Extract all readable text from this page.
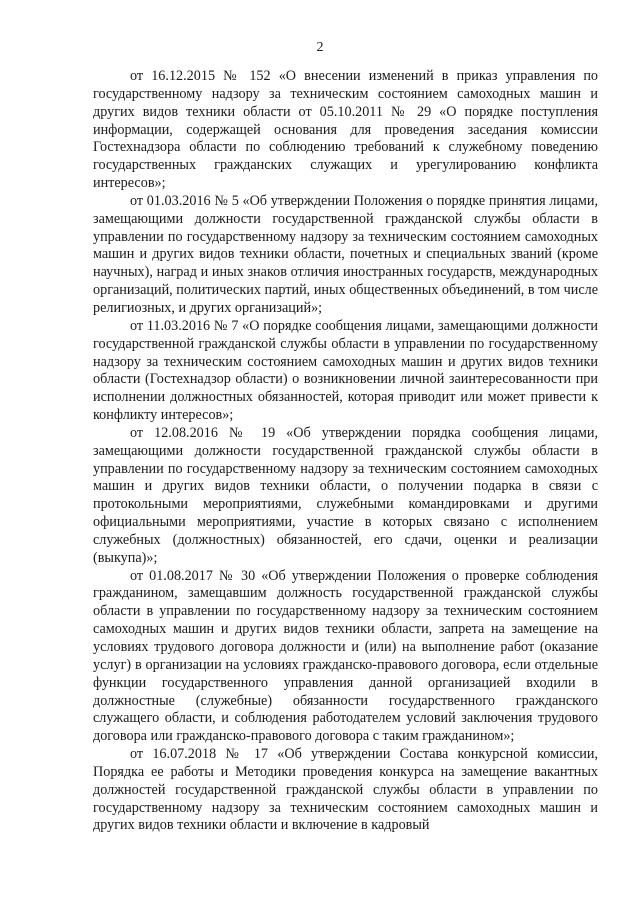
2

от 16.12.2015 № 152 «О внесении изменений в приказ управления по государственному надзору за техническим состоянием самоходных машин и других видов техники области от 05.10.2011 № 29 «О порядке поступления информации, содержащей основания для проведения заседания комиссии Гостехнадзора области по соблюдению требований к служебному поведению государственных гражданских служащих и урегулированию конфликта интересов»;

от 01.03.2016 № 5 «Об утверждении Положения о порядке принятия лицами, замещающими должности государственной гражданской службы области в управлении по государственному надзору за техническим состоянием самоходных машин и других видов техники области, почетных и специальных званий (кроме научных), наград и иных знаков отличия иностранных государств, международных организаций, политических партий, иных общественных объединений, в том числе религиозных, и других организаций»;

от 11.03.2016 № 7 «О порядке сообщения лицами, замещающими должности государственной гражданской службы области в управлении по государственному надзору за техническим состоянием самоходных машин и других видов техники области (Гостехнадзор области) о возникновении личной заинтересованности при исполнении должностных обязанностей, которая приводит или может привести к конфликту интересов»;

от 12.08.2016 № 19 «Об утверждении порядка сообщения лицами, замещающими должности государственной гражданской службы области в управлении по государственному надзору за техническим состоянием самоходных машин и других видов техники области, о получении подарка в связи с протокольными мероприятиями, служебными командировками и другими официальными мероприятиями, участие в которых связано с исполнением служебных (должностных) обязанностей, его сдачи, оценки и реализации (выкупа)»;

от 01.08.2017 № 30 «Об утверждении Положения о проверке соблюдения гражданином, замещавшим должность государственной гражданской службы области в управлении по государственному надзору за техническим состоянием самоходных машин и других видов техники области, запрета на замещение на условиях трудового договора должности и (или) на выполнение работ (оказание услуг) в организации на условиях гражданско-правового договора, если отдельные функции государственного управления данной организацией входили в должностные (служебные) обязанности государственного гражданского служащего области, и соблюдения работодателем условий заключения трудового договора или гражданско-правового договора с таким гражданином»;

от 16.07.2018 № 17 «Об утверждении Состава конкурсной комиссии, Порядка ее работы и Методики проведения конкурса на замещение вакантных должностей государственной гражданской службы области в управлении по государственному надзору за техническим состоянием самоходных машин и других видов техники области и включение в кадровый
